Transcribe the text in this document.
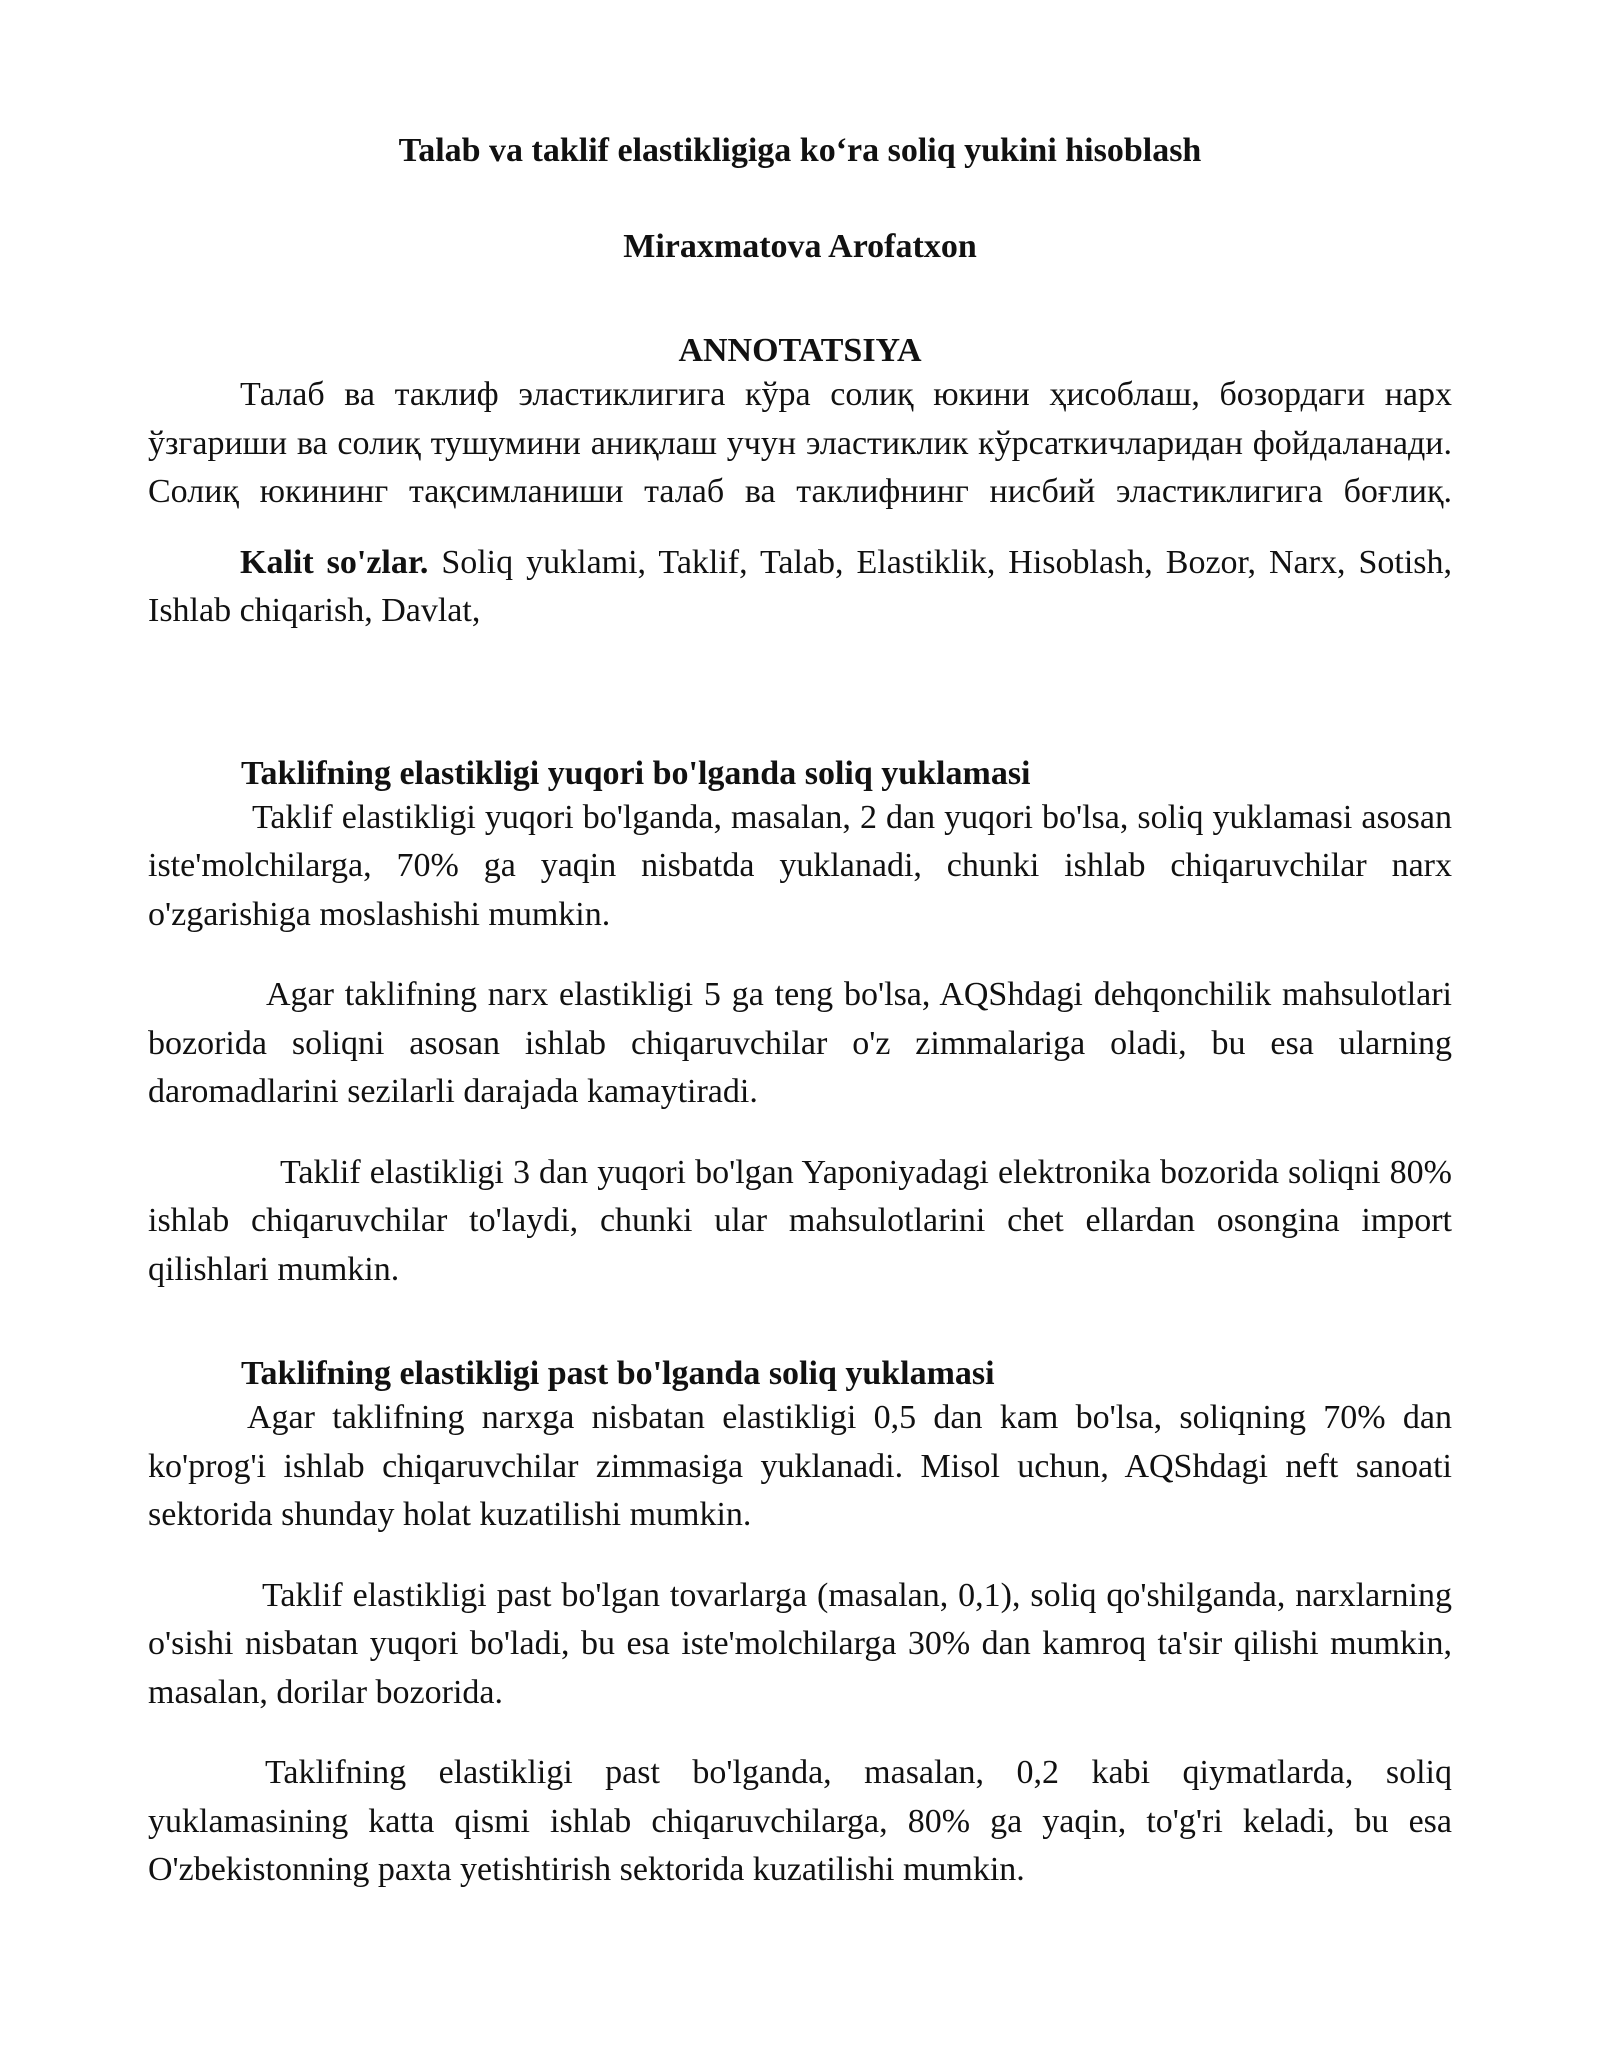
Talab va taklif elastikligiga ko‘ra soliq yukini hisoblash
Miraxmatova Arofatxon
ANNOTATSIYA

Талаб ва таклиф эластиклигига кўра солиқ юкини ҳисоблаш, бозордаги нарх ўзгариши ва солиқ тушумини аниқлаш учун эластиклик кўрсаткичларидан фойдаланади. Солиқ юкининг тақсимланиши талаб ва таклифнинг нисбий эластиклигига боғлиқ.

Kalit so'zlar. Soliq yuklami, Taklif, Talab, Elastiklik, Hisoblash, Bozor, Narx, Sotish, Ishlab chiqarish, Davlat,

Taklifning elastikligi yuqori bo'lganda soliq yuklamasi

Taklif elastikligi yuqori bo'lganda, masalan, 2 dan yuqori bo'lsa, soliq yuklamasi asosan iste'molchilarga, 70% ga yaqin nisbatda yuklanadi, chunki ishlab chiqaruvchilar narx o'zgarishiga moslashishi mumkin.

Agar taklifning narx elastikligi 5 ga teng bo'lsa, AQShdagi dehqonchilik mahsulotlari bozorida soliqni asosan ishlab chiqaruvchilar o'z zimmalariga oladi, bu esa ularning daromadlarini sezilarli darajada kamaytiradi.

Taklif elastikligi 3 dan yuqori bo'lgan Yaponiyadagi elektronika bozorida soliqni 80% ishlab chiqaruvchilar to'laydi, chunki ular mahsulotlarini chet ellardan osongina import qilishlari mumkin.

Taklifning elastikligi past bo'lganda soliq yuklamasi

Agar taklifning narxga nisbatan elastikligi 0,5 dan kam bo'lsa, soliqning 70% dan ko'prog'i ishlab chiqaruvchilar zimmasiga yuklanadi. Misol uchun, AQShdagi neft sanoati sektorida shunday holat kuzatilishi mumkin.

Taklif elastikligi past bo'lgan tovarlarga (masalan, 0,1), soliq qo'shilganda, narxlarning o'sishi nisbatan yuqori bo'ladi, bu esa iste'molchilarga 30% dan kamroq ta'sir qilishi mumkin, masalan, dorilar bozorida.

Taklifning elastikligi past bo'lganda, masalan, 0,2 kabi qiymatlarda, soliq yuklamasining katta qismi ishlab chiqaruvchilarga, 80% ga yaqin, to'g'ri keladi, bu esa O'zbekistonning paxta yetishtirish sektorida kuzatilishi mumkin.
